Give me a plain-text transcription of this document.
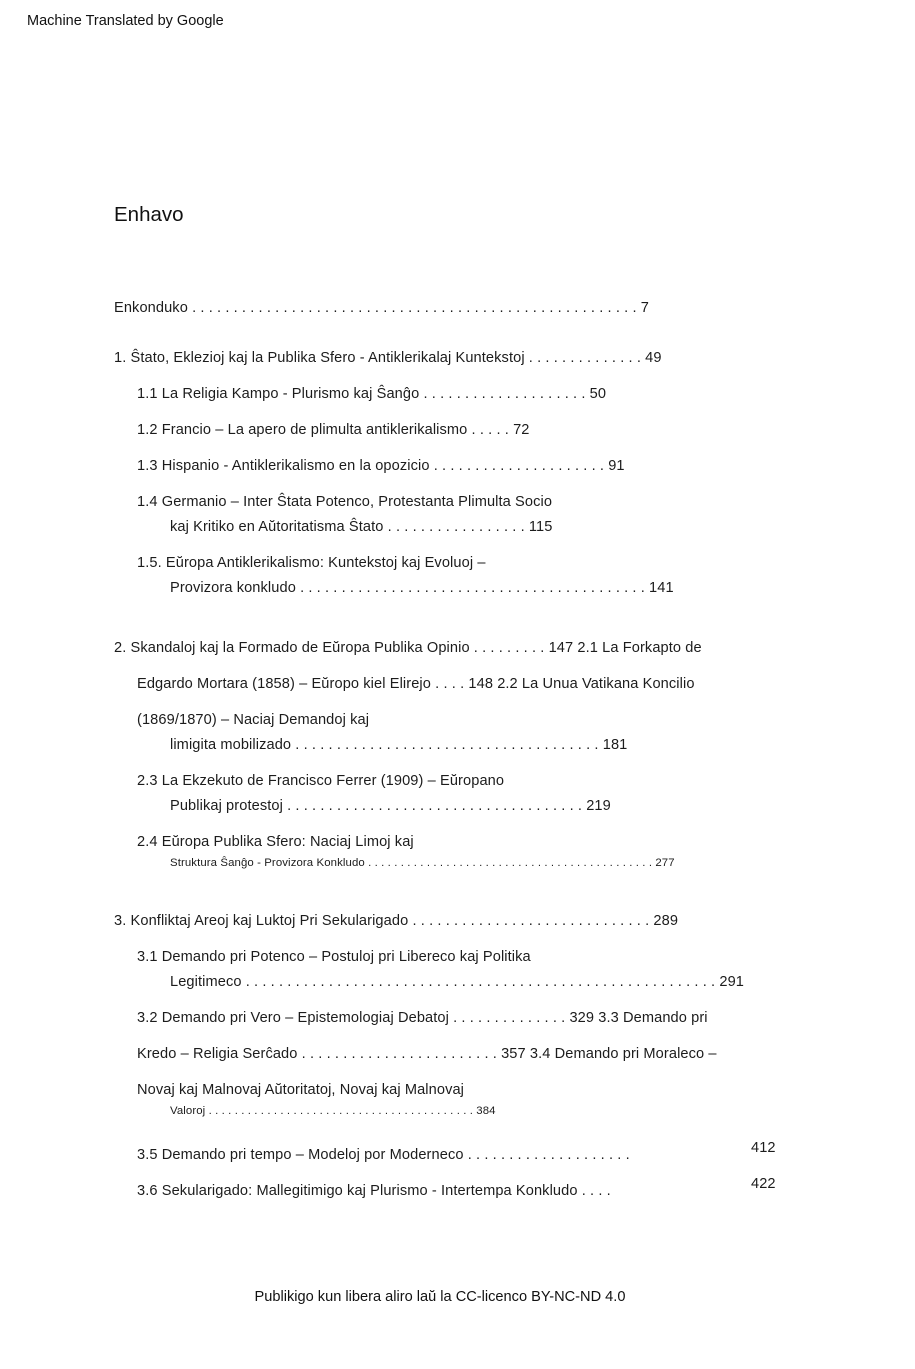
Machine Translated by Google
Enhavo
Enkonduko . . . . . . . . . . . . . . . . . . . . . . . . . . . . . . . . . . . . . . . . . . . . . . . . . . . . . . 7
1. Ŝtato, Eklezioj kaj la Publika Sfero - Antiklerikalaj Kuntekstoj . . . . . . . . . . . . . . 49
1.1 La Religia Kampo - Plurismo kaj Ŝanĝo . . . . . . . . . . . . . . . . . . . . 50
1.2 Francio – La apero de plimulta antiklerikalismo . . . . . 72
1.3 Hispanio - Antiklerikalismo en la opozicio . . . . . . . . . . . . . . . . . . . . . 91
1.4 Germanio – Inter Ŝtata Potenco, Protestanta Plimulta Socio
kaj Kritiko en Aŭtoritatisma Ŝtato . . . . . . . . . . . . . . . . . 115
1.5. Eŭropa Antiklerikalismo: Kuntekstoj kaj Evoluoj –
Provizora konkludo . . . . . . . . . . . . . . . . . . . . . . . . . . . . . . . . . . . . . . . . . . 141
2. Skandaloj kaj la Formado de Eŭropa Publika Opinio . . . . . . . . . 147 2.1 La Forkapto de
Edgardo Mortara (1858) – Eŭropo kiel Elirejo . . . . 148 2.2 La Unua Vatikana Koncilio
(1869/1870) – Naciaj Demandoj kaj
limigita mobilizado . . . . . . . . . . . . . . . . . . . . . . . . . . . . . . . . . . . . . 181
2.3 La Ekzekuto de Francisco Ferrer (1909) – Eŭropano
Publikaj protestoj . . . . . . . . . . . . . . . . . . . . . . . . . . . . . . . . . . . . 219
2.4 Eŭropa Publika Sfero: Naciaj Limoj kaj
Struktura Ŝanĝo - Provizora Konkludo . . . . . . . . . . . . . . . . . . . . . . . . . . . . . . . . . . . . . . . . . . . . 277
3. Konfliktaj Areoj kaj Luktoj Pri Sekularigado . . . . . . . . . . . . . . . . . . . . . . . . . . . . . 289
3.1 Demando pri Potenco – Postuloj pri Libereco kaj Politika
Legitimeco . . . . . . . . . . . . . . . . . . . . . . . . . . . . . . . . . . . . . . . . . . . . . . . . . . . . . . . . . 291
3.2 Demando pri Vero – Epistemologiaj Debatoj . . . . . . . . . . . . . . 329 3.3 Demando pri
Kredo – Religia Serĉado . . . . . . . . . . . . . . . . . . . . . . . . 357 3.4 Demando pri Moraleco –
Novaj kaj Malnovaj Aŭtoritatoj, Novaj kaj Malnovaj
Valoroj . . . . . . . . . . . . . . . . . . . . . . . . . . . . . . . . . . . . . . . . . 384
3.5 Demando pri tempo – Modeloj por Moderneco . . . . . . . . . . . . . . . . . . . .	412
3.6 Sekularigado: Mallegitimigo kaj Plurismo - Intertempa Konkludo . . . .	422
Publikigo kun libera aliro laŭ la CC-licenco BY-NC-ND 4.0
